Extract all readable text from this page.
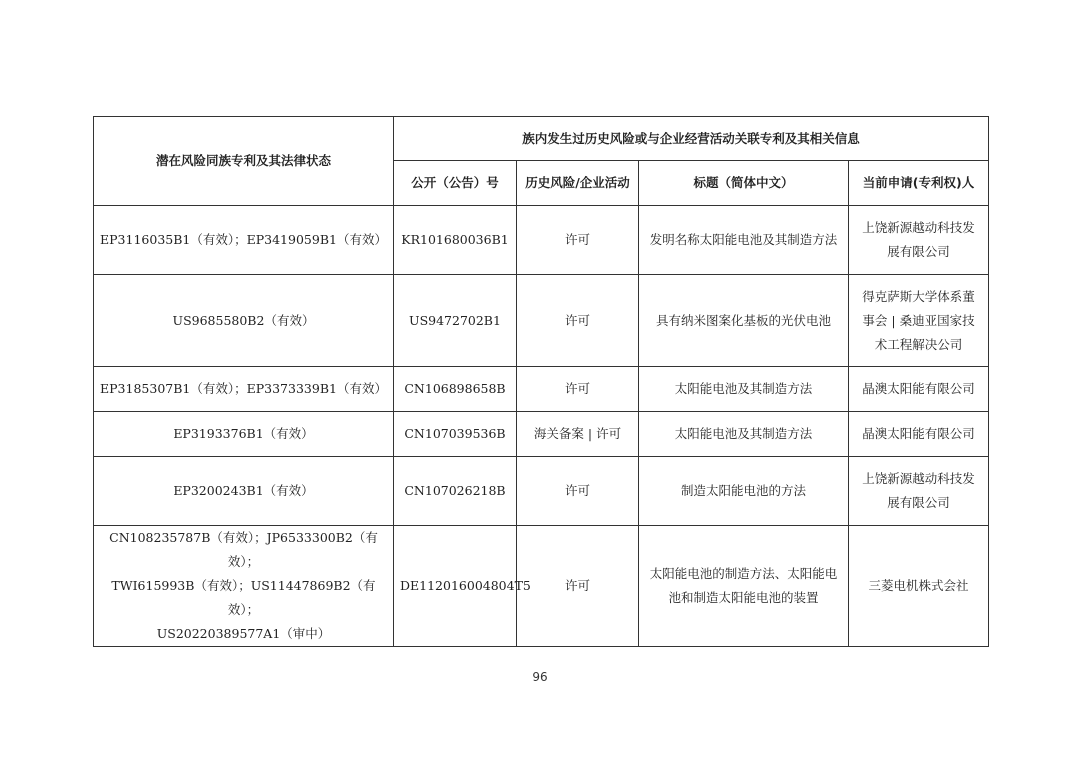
潜在风险同族专利及其法律状态	族内发生过历史风险或与企业经营活动关联专利及其相关信息			
	公开（公告）号	历史风险/企业活动	标题（简体中文）	当前申请(专利权)人

EP3116035B1（有效）；EP3419059B1（有效）	KR101680036B1	许可	发明名称太阳能电池及其制造方法	上饶新源越动科技发
展有限公司

US9685580B2（有效）	US9472702B1	许可	具有纳米图案化基板的光伏电池	得克萨斯大学体系董
事会 | 桑迪亚国家技
术工程解决公司

EP3185307B1（有效）；EP3373339B1（有效）	CN106898658B	许可	太阳能电池及其制造方法	晶澳太阳能有限公司

EP3193376B1（有效）	CN107039536B	海关备案 | 许可	太阳能电池及其制造方法	晶澳太阳能有限公司

EP3200243B1（有效）	CN107026218B	许可	制造太阳能电池的方法	上饶新源越动科技发
展有限公司

CN108235787B（有效）；JP6533300B2（有效）；
TWI615993B（有效）；US11447869B2（有效）；
US20220389577A1（审中）	DE112016004804T5	许可	太阳能电池的制造方法、太阳能电
池和制造太阳能电池的装置	三菱电机株式会社
96
